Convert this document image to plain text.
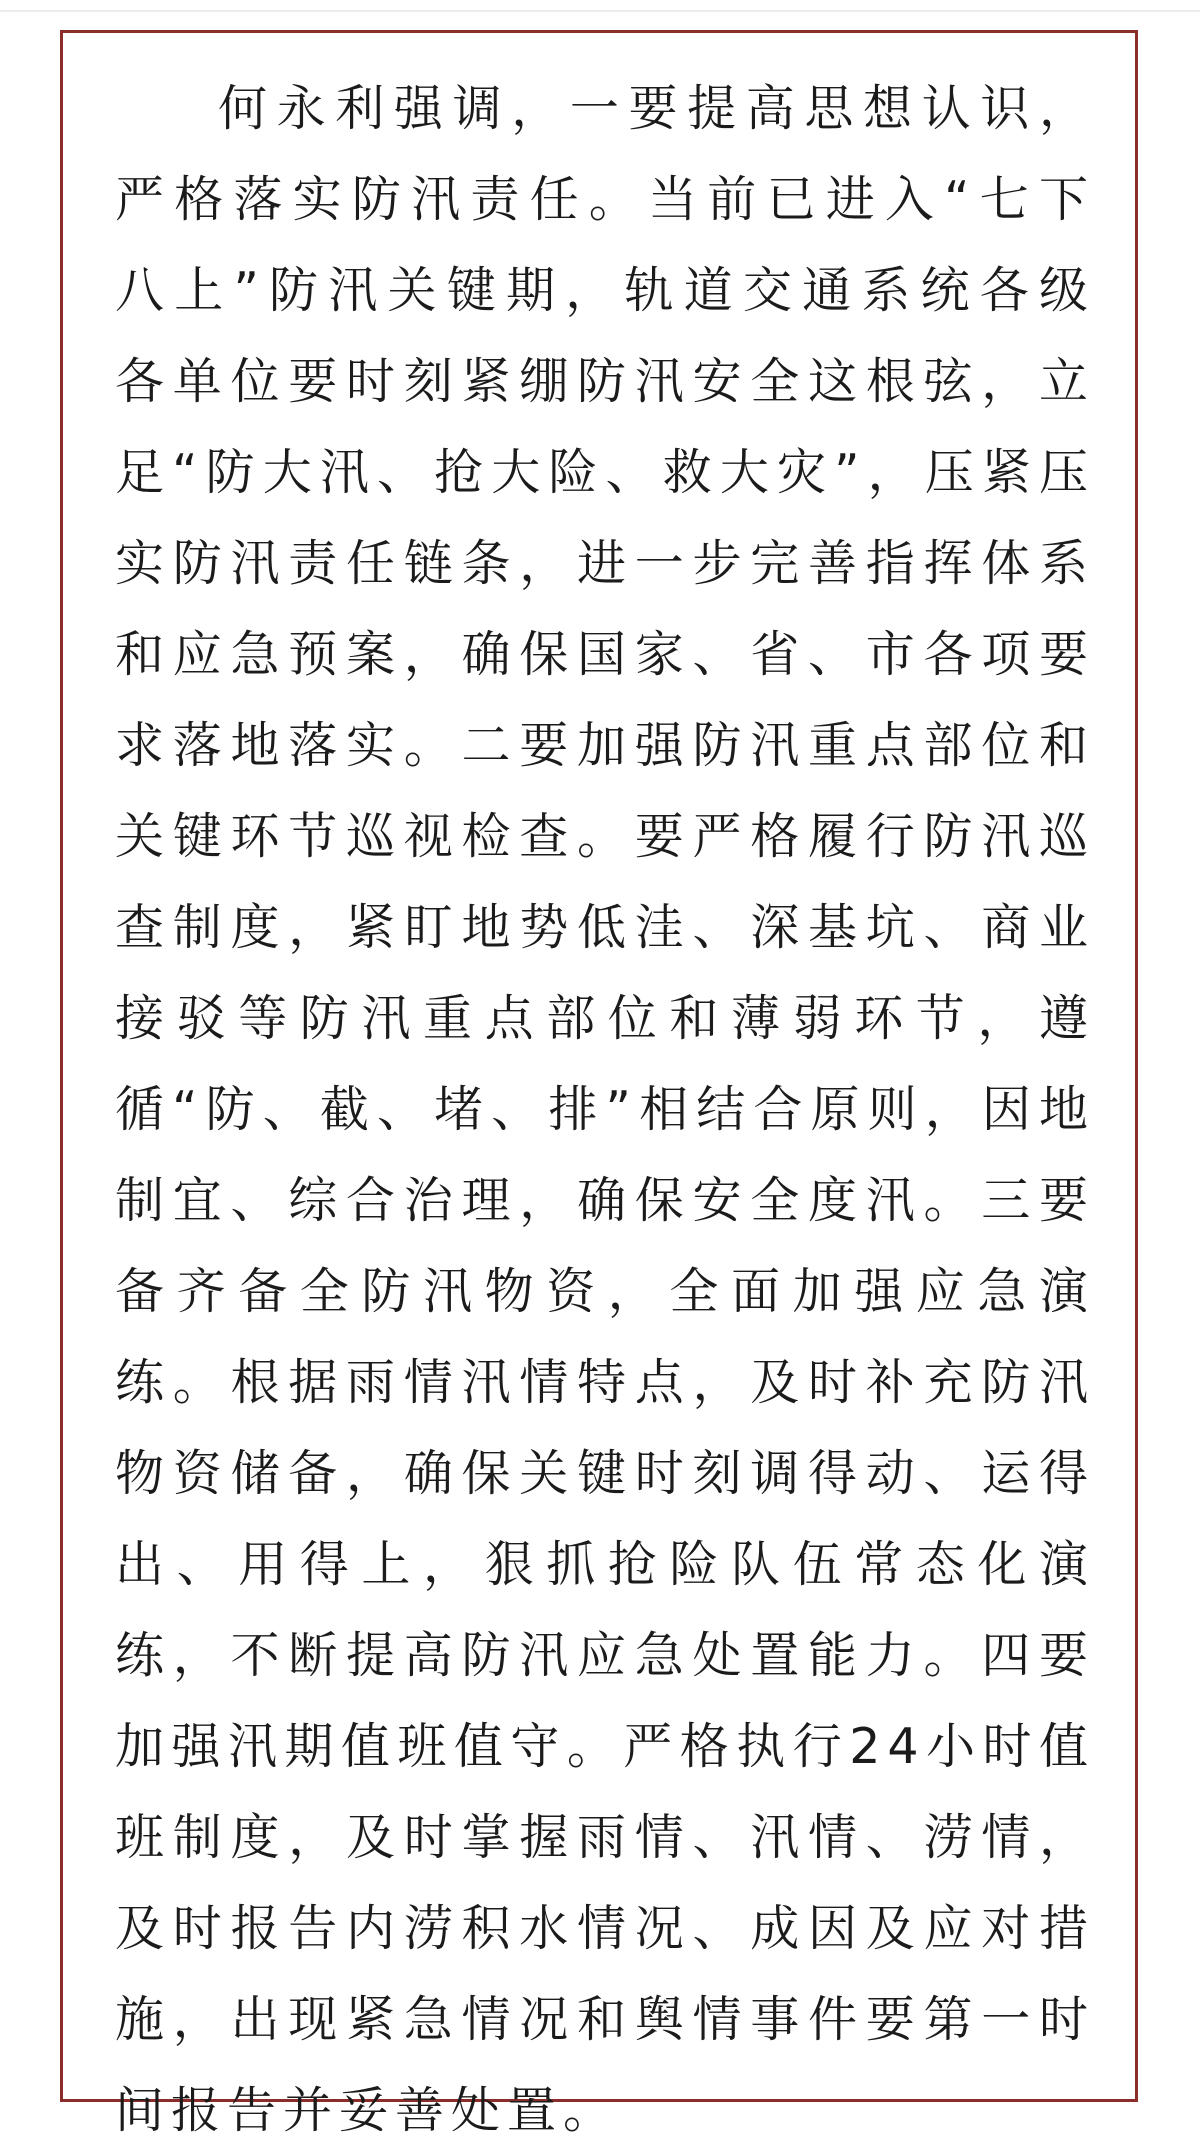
何永利强调，一要提高思想认识，严格落实防汛责任。当前已进入“七下八上”防汛关键期，轨道交通系统各级各单位要时刻紧绷防汛安全这根弦，立足“防大汛、抢大险、救大灾”，压紧压实防汛责任链条，进一步完善指挥体系和应急预案，确保国家、省、市各项要求落地落实。二要加强防汛重点部位和关键环节巡视检查。要严格履行防汛巡查制度，紧盯地势低洼、深基坑、商业接驳等防汛重点部位和薄弱环节，遵循“防、截、堵、排”相结合原则，因地制宜、综合治理，确保安全度汛。三要备齐备全防汛物资，全面加强应急演练。根据雨情汛情特点，及时补充防汛物资储备，确保关键时刻调得动、运得出、用得上，狠抓抢险队伍常态化演练，不断提高防汛应急处置能力。四要加强汛期值班值守。严格执行24小时值班制度，及时掌握雨情、汛情、涝情，及时报告内涝积水情况、成因及应对措施，出现紧急情况和舆情事件要第一时间报告并妥善处置。
